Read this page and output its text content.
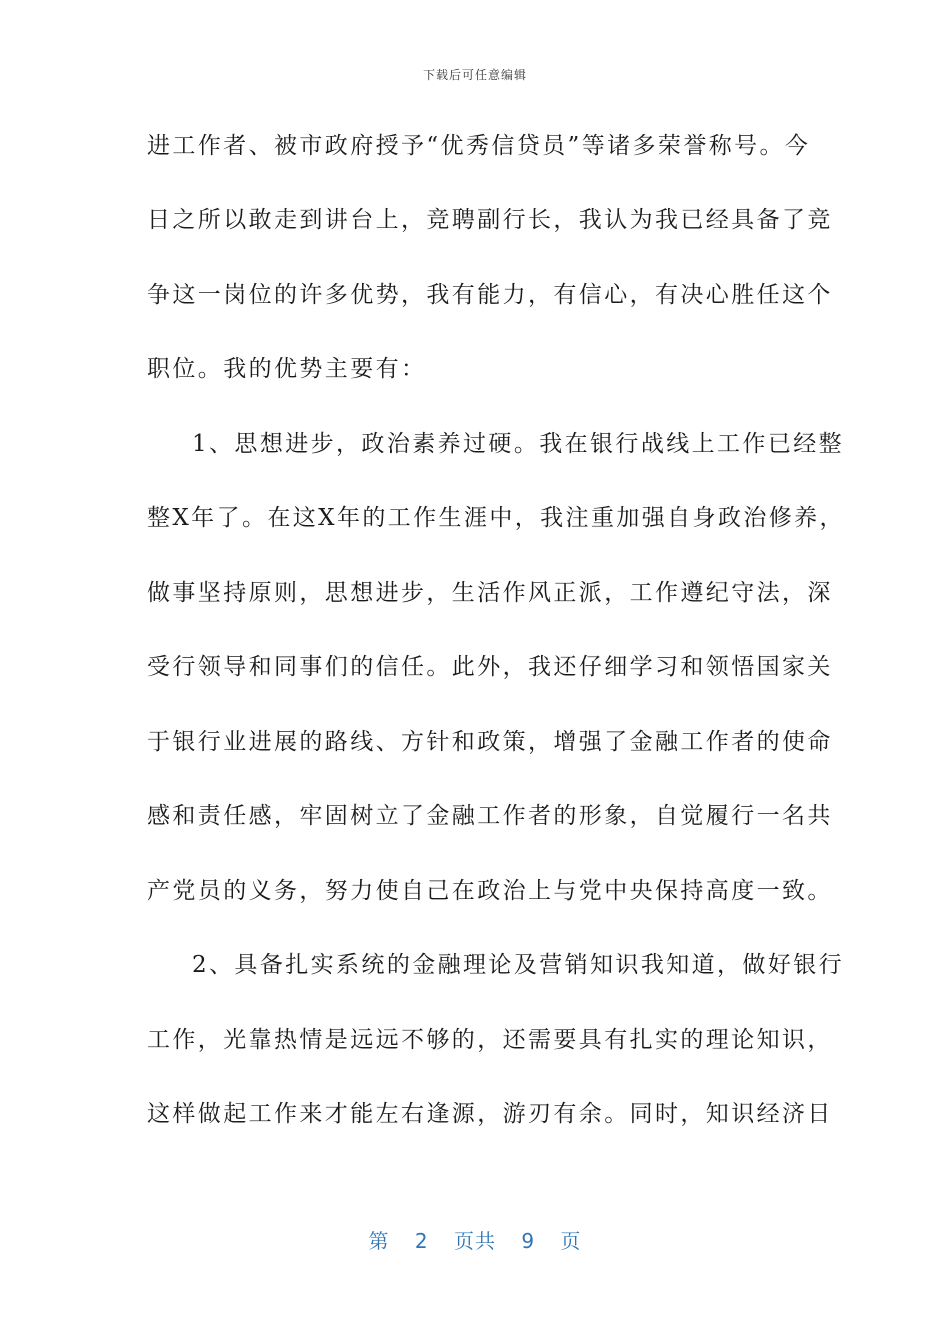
下载后可任意编辑
进工作者、被市政府授予“优秀信贷员”等诸多荣誉称号。今
日之所以敢走到讲台上，竞聘副行长，我认为我已经具备了竞
争这一岗位的许多优势，我有能力，有信心，有决心胜任这个
职位。我的优势主要有：
1、思想进步，政治素养过硬。我在银行战线上工作已经整
整Ⅹ年了。在这Ⅹ年的工作生涯中，我注重加强自身政治修养，
做事坚持原则，思想进步，生活作风正派，工作遵纪守法，深
受行领导和同事们的信任。此外，我还仔细学习和领悟国家关
于银行业进展的路线、方针和政策，增强了金融工作者的使命
感和责任感，牢固树立了金融工作者的形象，自觉履行一名共
产党员的义务，努力使自己在政治上与党中央保持高度一致。
2、具备扎实系统的金融理论及营销知识我知道，做好银行
工作，光靠热情是远远不够的，还需要具有扎实的理论知识，
这样做起工作来才能左右逢源，游刃有余。同时，知识经济日
第 2 页共 9 页
